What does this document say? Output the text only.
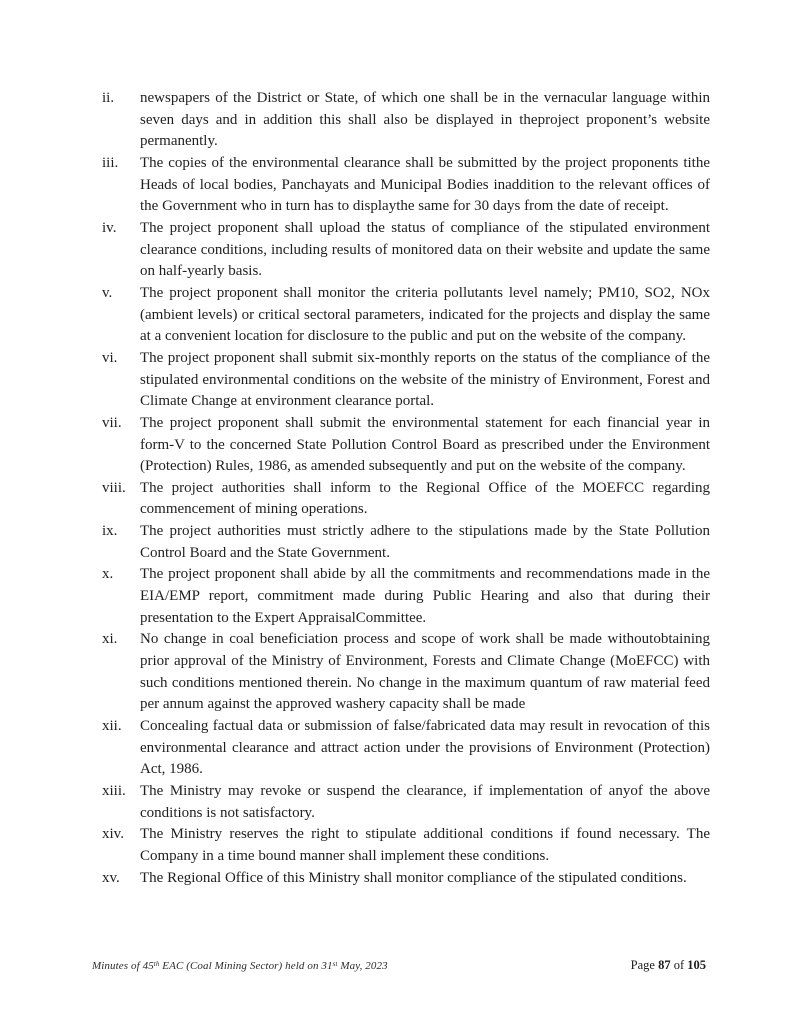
ii.	newspapers of the District or State, of which one shall be in the vernacular language within seven days and in addition this shall also be displayed in theproject proponent’s website permanently.
iii.	The copies of the environmental clearance shall be submitted by the project proponents tithe Heads of local bodies, Panchayats and Municipal Bodies inaddition to the relevant offices of the Government who in turn has to displaythe same for 30 days from the date of receipt.
iv.	The project proponent shall upload the status of compliance of the stipulated environment clearance conditions, including results of monitored data on their website and update the same on half-yearly basis.
v.	The project proponent shall monitor the criteria pollutants level namely; PM10, SO2, NOx (ambient levels) or critical sectoral parameters, indicated for the projects and display the same at a convenient location for disclosure to the public and put on the website of the company.
vi.	The project proponent shall submit six-monthly reports on the status of the compliance of the stipulated environmental conditions on the website of the ministry of Environment, Forest and Climate Change at environment clearance portal.
vii.	The project proponent shall submit the environmental statement for each financial year in form-V to the concerned State Pollution Control Board as prescribed under the Environment (Protection) Rules, 1986, as amended subsequently and put on the website of the company.
viii. The project authorities shall inform to the Regional Office of the MOEFCC regarding commencement of mining operations.
ix.	The project authorities must strictly adhere to the stipulations made by the State Pollution Control Board and the State Government.
x.	The project proponent shall abide by all the commitments and recommendations made in the EIA/EMP report, commitment made during Public Hearing and also that during their presentation to the Expert AppraisalCommittee.
xi.	No change in coal beneficiation process and scope of work shall be made withoutobtaining prior approval of the Ministry of Environment, Forests and Climate Change (MoEFCC) with such conditions mentioned therein. No change in the maximum quantum of raw material feed per annum against the approved washery capacity shall be made
xii.	Concealing factual data or submission of false/fabricated data may result in revocation of this environmental clearance and attract action under the provisions of Environment (Protection) Act, 1986.
xiii. The Ministry may revoke or suspend the clearance, if implementation of anyof the above conditions is not satisfactory.
xiv.	The Ministry reserves the right to stipulate additional conditions if found necessary. The Company in a time bound manner shall implement these conditions.
xv.	The Regional Office of this Ministry shall monitor compliance of the stipulated conditions.
Minutes of 45th EAC (Coal Mining Sector) held on 31st May, 2023	Page 87 of 105
